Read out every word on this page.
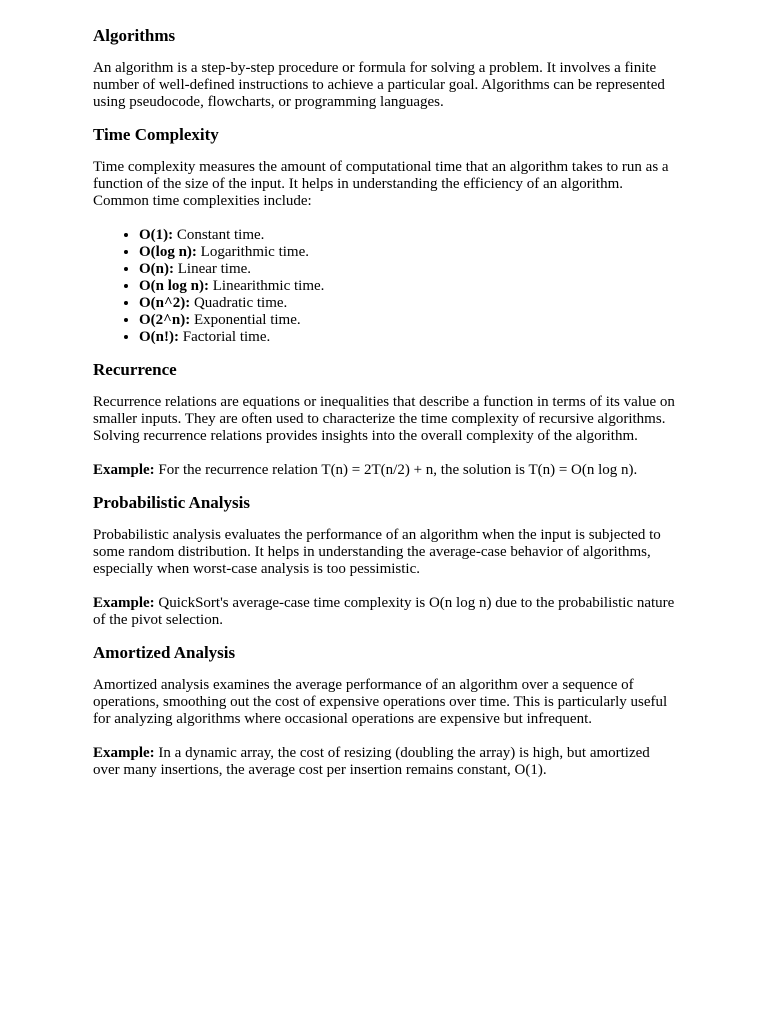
Algorithms

An algorithm is a step-by-step procedure or formula for solving a problem. It involves a finite number of well-defined instructions to achieve a particular goal. Algorithms can be represented using pseudocode, flowcharts, or programming languages.

Time Complexity

Time complexity measures the amount of computational time that an algorithm takes to run as a function of the size of the input. It helps in understanding the efficiency of an algorithm. Common time complexities include:

• O(1): Constant time.
• O(log n): Logarithmic time.
• O(n): Linear time.
• O(n log n): Linearithmic time.
• O(n^2): Quadratic time.
• O(2^n): Exponential time.
• O(n!): Factorial time.
Recurrence

Recurrence relations are equations or inequalities that describe a function in terms of its value on smaller inputs. They are often used to characterize the time complexity of recursive algorithms. Solving recurrence relations provides insights into the overall complexity of the algorithm.

Example: For the recurrence relation T(n) = 2T(n/2) + n, the solution is T(n) = O(n log n).

Probabilistic Analysis

Probabilistic analysis evaluates the performance of an algorithm when the input is subjected to some random distribution. It helps in understanding the average-case behavior of algorithms, especially when worst-case analysis is too pessimistic.

Example: QuickSort's average-case time complexity is O(n log n) due to the probabilistic nature of the pivot selection.

Amortized Analysis

Amortized analysis examines the average performance of an algorithm over a sequence of operations, smoothing out the cost of expensive operations over time. This is particularly useful for analyzing algorithms where occasional operations are expensive but infrequent.

Example: In a dynamic array, the cost of resizing (doubling the array) is high, but amortized over many insertions, the average cost per insertion remains constant, O(1).
